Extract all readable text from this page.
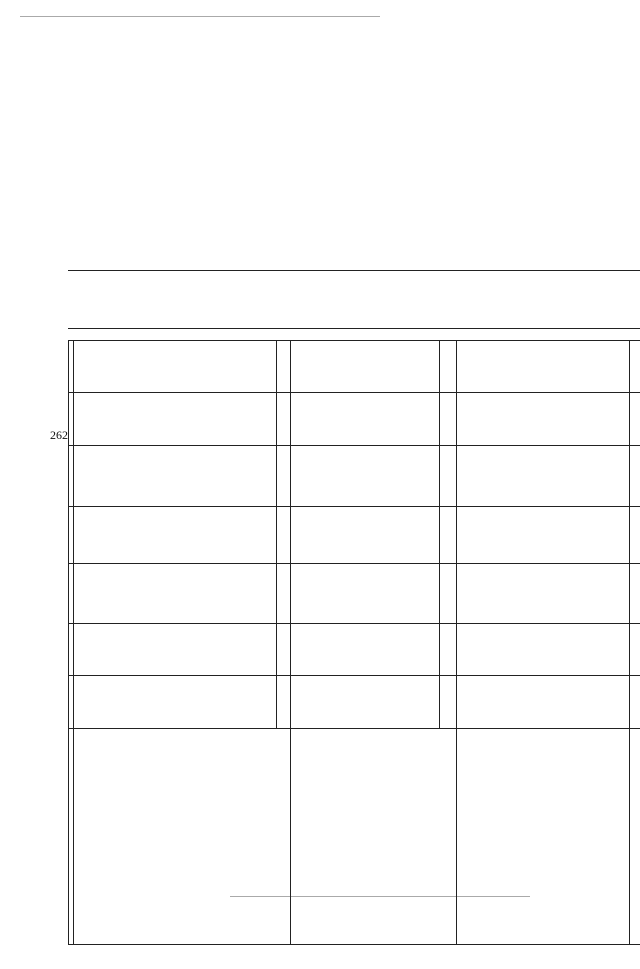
262
